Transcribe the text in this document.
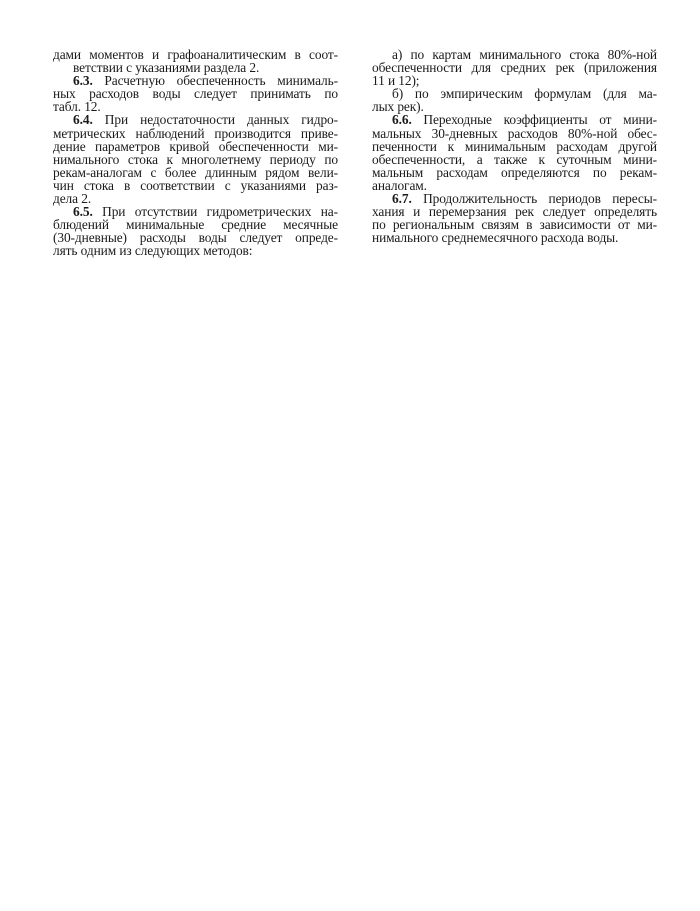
дами моментов и графоаналитическим в соот-
ветствии с указаниями раздела 2.
6.3. Расчетную обеспеченность минималь-
ных расходов воды следует принимать по
табл. 12.
6.4. При недостаточности данных гидро-
метрических наблюдений производится приве-
дение параметров кривой обеспеченности ми-
нимального стока к многолетнему периоду по
рекам-аналогам с более длинным рядом вели-
чин стока в соответствии с указаниями раз-
дела 2.
6.5. При отсутствии гидрометрических на-
блюдений минимальные средние месячные
(30-дневные) расходы воды следует опреде-
лять одним из следующих методов:
а) по картам минимального стока 80%-ной
обеспеченности для средних рек (приложения
11 и 12);
б) по эмпирическим формулам (для ма-
лых рек).
6.6. Переходные коэффициенты от мини-
мальных 30-дневных расходов 80%-ной обес-
печенности к минимальным расходам другой
обеспеченности, а также к суточным мини-
мальным расходам определяются по рекам-
аналогам.
6.7. Продолжительность периодов пересы-
хания и перемерзания рек следует определять
по региональным связям в зависимости от ми-
нимального среднемесячного расхода воды.
